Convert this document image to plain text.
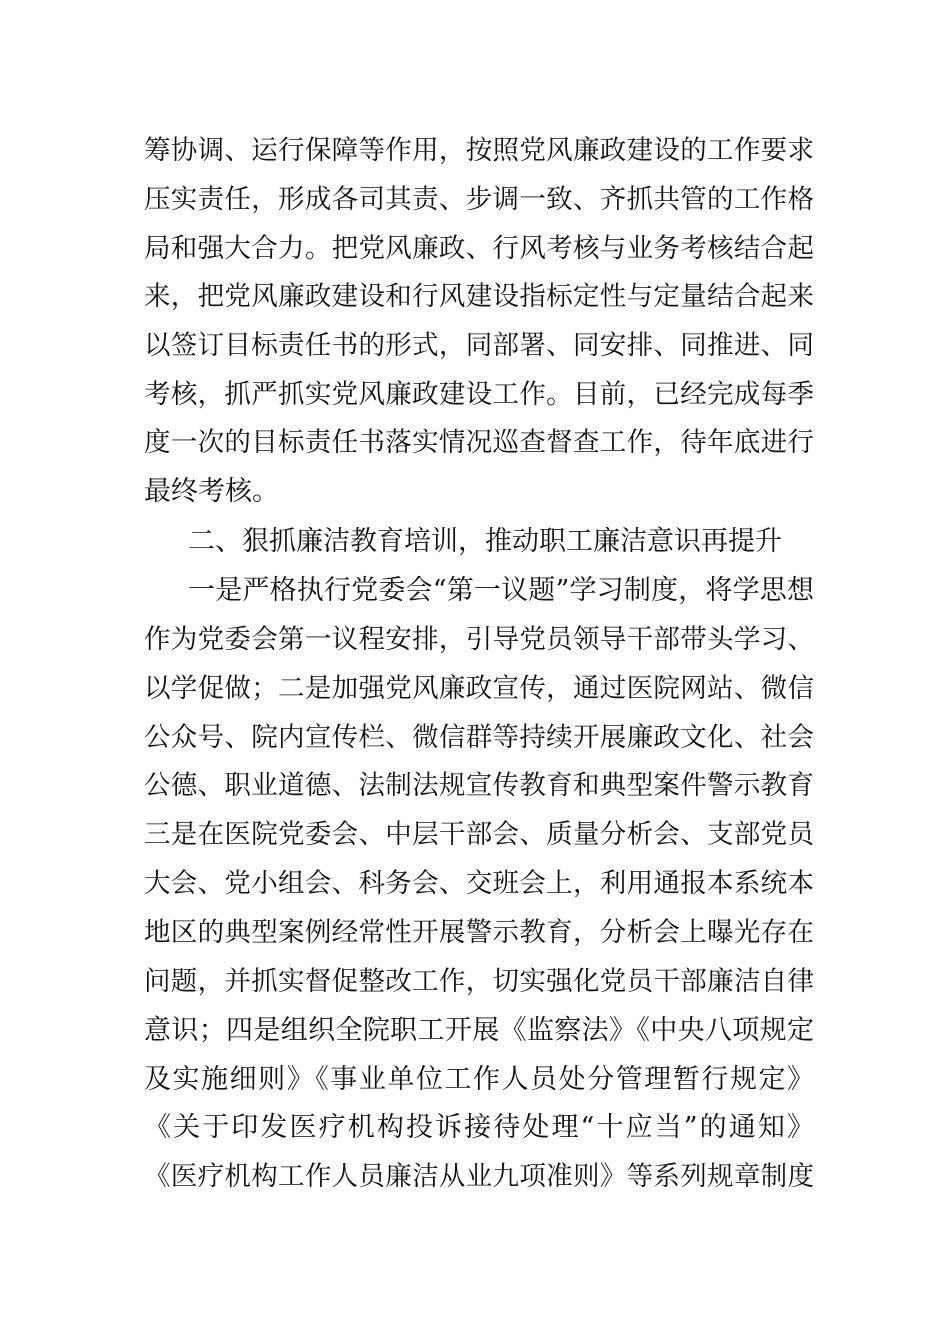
筹协调、运行保障等作用，按照党风廉政建设的工作要求
压实责任，形成各司其责、步调一致、齐抓共管的工作格
局和强大合力。把党风廉政、行风考核与业务考核结合起
来，把党风廉政建设和行风建设指标定性与定量结合起来
以签订目标责任书的形式，同部署、同安排、同推进、同
考核，抓严抓实党风廉政建设工作。目前，已经完成每季
度一次的目标责任书落实情况巡查督查工作，待年底进行
最终考核。
二、狠抓廉洁教育培训，推动职工廉洁意识再提升
一是严格执行党委会“第一议题”学习制度，将学思想
作为党委会第一议程安排，引导党员领导干部带头学习、
以学促做；二是加强党风廉政宣传，通过医院网站、微信
公众号、院内宣传栏、微信群等持续开展廉政文化、社会
公德、职业道德、法制法规宣传教育和典型案件警示教育
三是在医院党委会、中层干部会、质量分析会、支部党员
大会、党小组会、科务会、交班会上，利用通报本系统本
地区的典型案例经常性开展警示教育，分析会上曝光存在
问题，并抓实督促整改工作，切实强化党员干部廉洁自律
意识；四是组织全院职工开展《监察法》《中央八项规定
及实施细则》《事业单位工作人员处分管理暂行规定》
《关于印发医疗机构投诉接待处理“十应当”的通知》
《医疗机构工作人员廉洁从业九项准则》等系列规章制度
